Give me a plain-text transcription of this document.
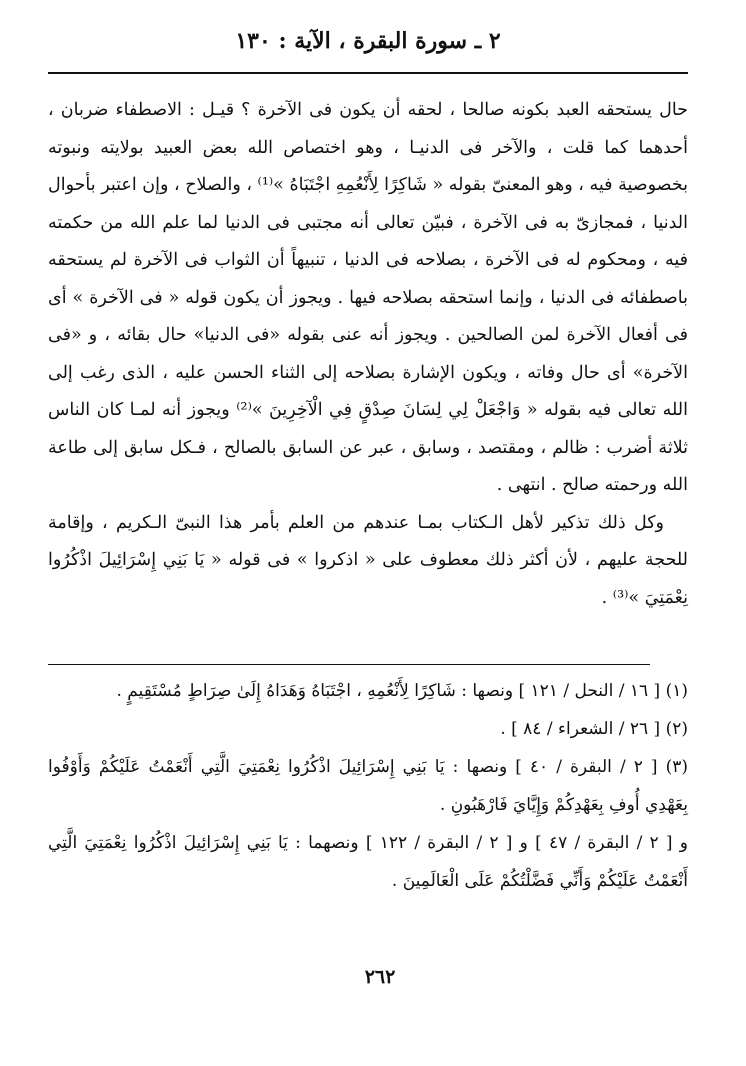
٢ ـ سورة البقرة ، الآية : ١٣٠

حال يستحقه العبد بكونه صالحا ، لحقه أن يكون فى الآخرة ؟ قيـل : الاصطفاء ضربان ، أحدهما كما قلت ، والآخر فى الدنيـا ، وهو اختصاص الله بعض العبيد بولايته ونبوته بخصوصية فيه ، وهو المعنىّ بقوله « شَاكِرًا لِأَنْعُمِهِ اجْتَبَاهُ »⁽¹⁾ ، والصلاح ، وإن اعتبر بأحوال الدنيا ، فمجازىّ به فى الآخرة ، فبيّن تعالى أنه مجتبى فى الدنيا لما علم الله من حكمته فيه ، ومحكوم له فى الآخرة ، بصلاحه فى الدنيا ، تنبيهاً أن الثواب فى الآخرة لم يستحقه باصطفائه فى الدنيا ، وإنما استحقه بصلاحه فيها . ويجوز أن يكون قوله « فى الآخرة » أى فى أفعال الآخرة لمن الصالحين . ويجوز أنه عنى بقوله «فى الدنيا» حال بقائه ، و «فى الآخرة» أى حال وفاته ، ويكون الإشارة بصلاحه إلى الثناء الحسن عليه ، الذى رغب إلى الله تعالى فيه بقوله « وَاجْعَلْ لِي لِسَانَ صِدْقٍ فِي الْآخِرِينَ »⁽²⁾ ويجوز أنه لمـا كان الناس ثلاثة أضرب : ظالم ، ومقتصد ، وسابق ، عبر عن السابق بالصالح ، فـكل سابق إلى طاعة الله ورحمته صالح . انتهى .

وكل ذلك تذكير لأهل الـكتاب بمـا عندهم من العلم بأمر هذا النبىّ الـكريم ، وإقامة للحجة عليهم ، لأن أكثر ذلك معطوف على « اذكروا » فى قوله « يَا بَنِي إِسْرَائِيلَ اذْكُرُوا نِعْمَتِيَ »⁽³⁾ .

(١) [ ١٦ / النحل / ١٢١ ] ونصها : شَاكِرًا لِأَنْعُمِهِ ، اجْتَبَاهُ وَهَدَاهُ إِلَىٰ صِرَاطٍ مُسْتَقِيمٍ .

(٢) [ ٢٦ / الشعراء / ٨٤ ] .

(٣) [ ٢ / البقرة / ٤٠ ] ونصها : يَا بَنِي إِسْرَائِيلَ اذْكُرُوا نِعْمَتِيَ الَّتِي أَنْعَمْتُ عَلَيْكُمْ وَأَوْفُوا بِعَهْدِي أُوفِ بِعَهْدِكُمْ وَإِيَّايَ فَارْهَبُونِ .

و [ ٢ / البقرة / ٤٧ ] و [ ٢ / البقرة / ١٢٢ ] ونصهما : يَا بَنِي إِسْرَائِيلَ اذْكُرُوا نِعْمَتِيَ الَّتِي أَنْعَمْتُ عَلَيْكُمْ وَأَنِّي فَضَّلْتُكُمْ عَلَى الْعَالَمِينَ .

٢٦٢
